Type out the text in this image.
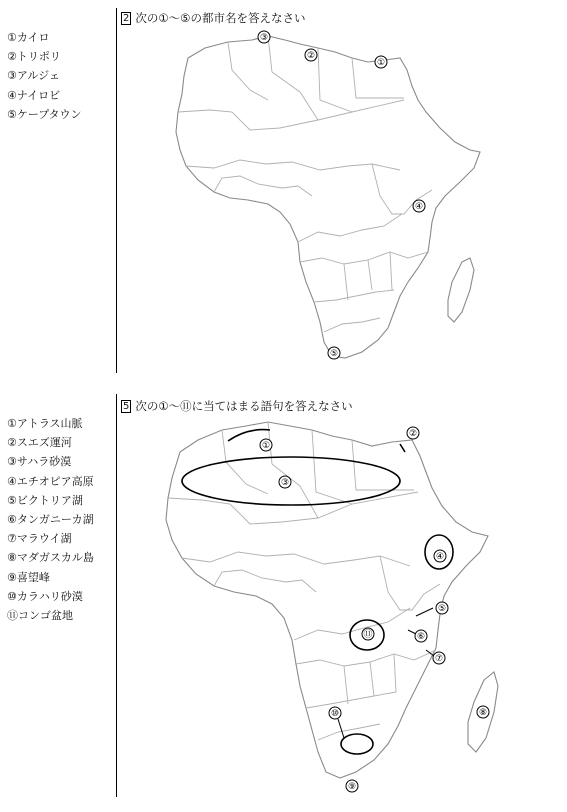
①カイロ
②トリポリ
③アルジェ
④ナイロビ
⑤ケープタウン
2 次の①～⑤の都市名を答えなさい
③
②
①
④
⑤
①アトラス山脈
②スエズ運河
③サハラ砂漠
④エチオピア高原
⑤ビクトリア湖
⑥タンガニーカ湖
⑦マラウイ湖
⑧マダガスカル島
⑨喜望峰
⑩カラハリ砂漠
⑪コンゴ盆地
5 次の①～⑪に当てはまる語句を答えなさい
①
②
③
④
⑤
⑥
⑦
⑧
⑨
⑩
⑪
